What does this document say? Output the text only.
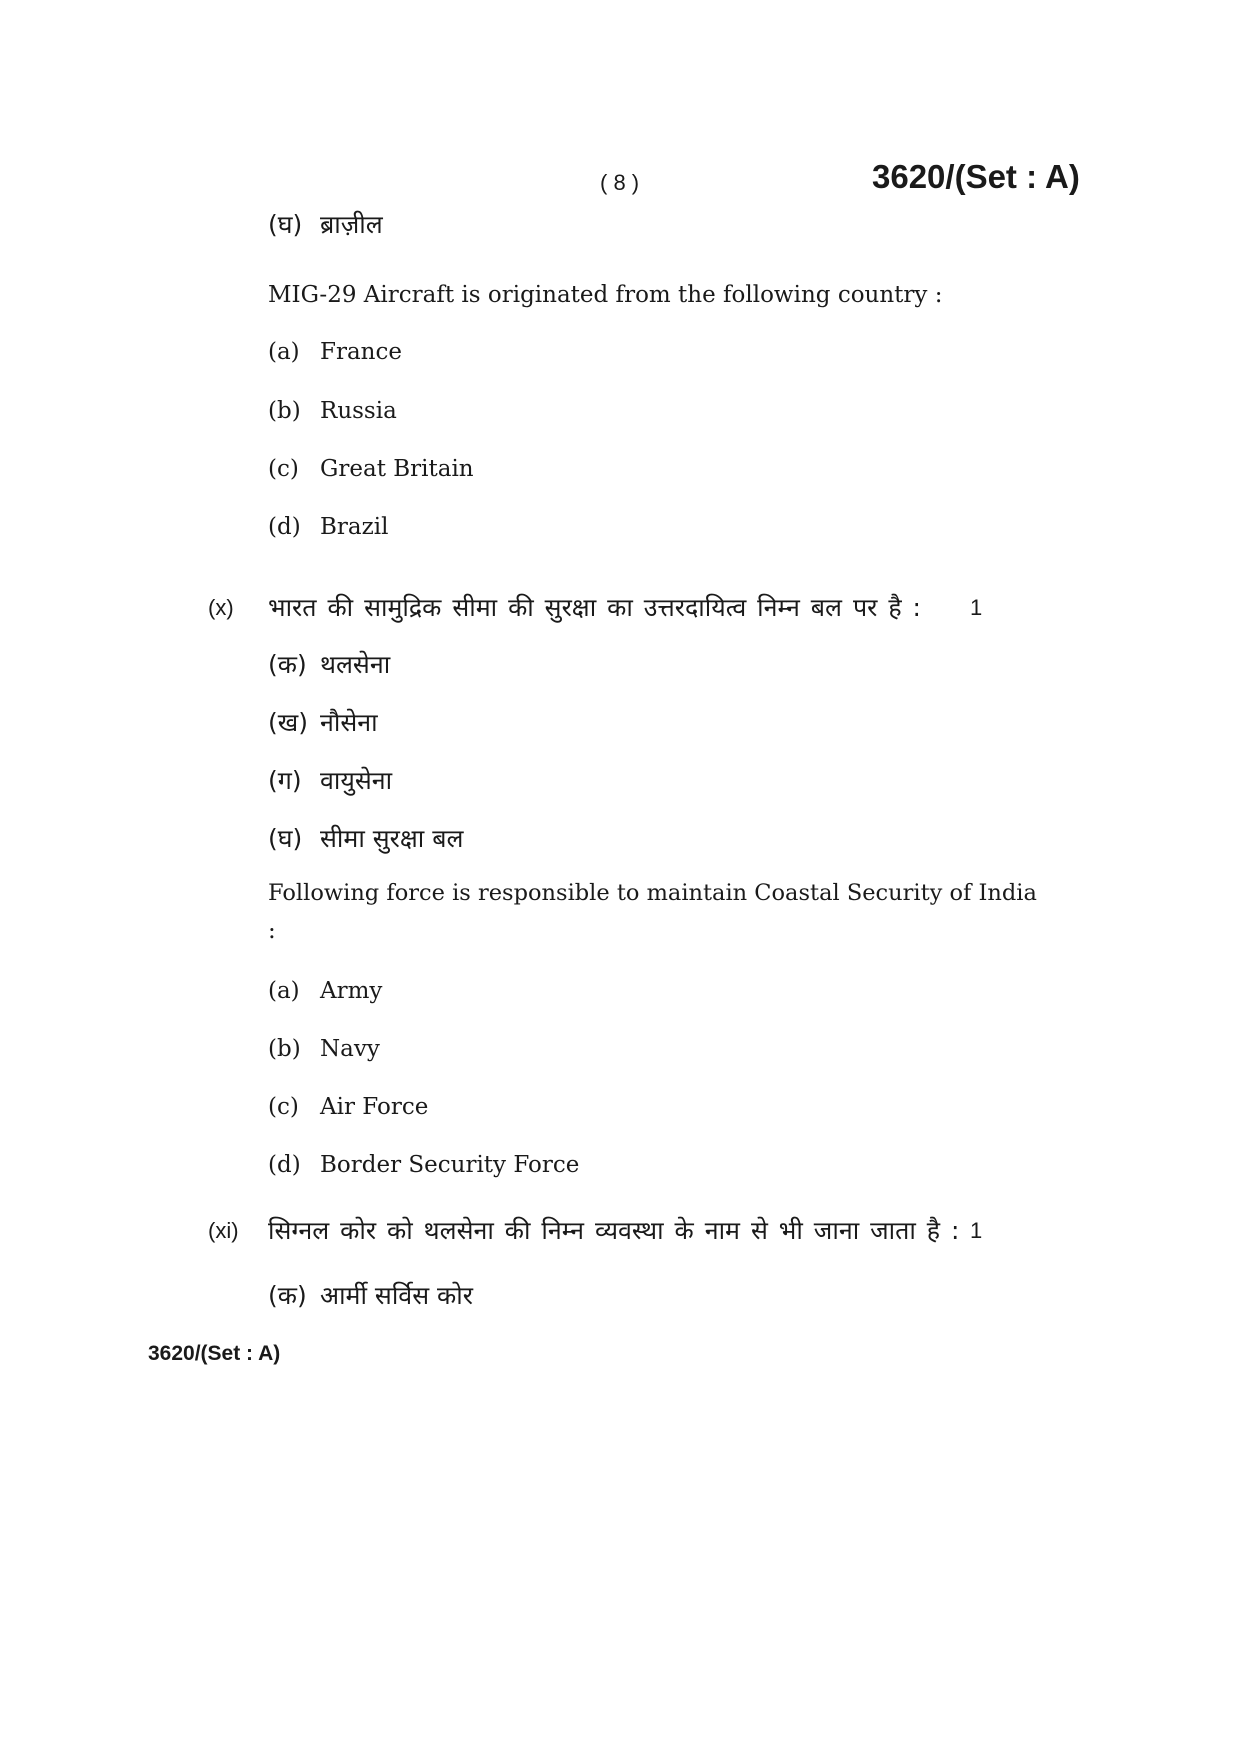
( 8 )	3620/(Set : A)
(घ) ब्राज़ील
MIG-29 Aircraft is originated from the following country :
(a) France
(b) Russia
(c) Great Britain
(d) Brazil
(x) भारत की सामुद्रिक सीमा की सुरक्षा का उत्तरदायित्व निम्न बल पर है : 1
(क) थलसेना
(ख) नौसेना
(ग) वायुसेना
(घ) सीमा सुरक्षा बल
Following force is responsible to maintain Coastal Security of India
:
(a) Army
(b) Navy
(c) Air Force
(d) Border Security Force
(xi) सिग्नल कोर को थलसेना की निम्न व्यवस्था के नाम से भी जाना जाता है : 1
(क) आर्मी सर्विस कोर
3620/(Set : A)
